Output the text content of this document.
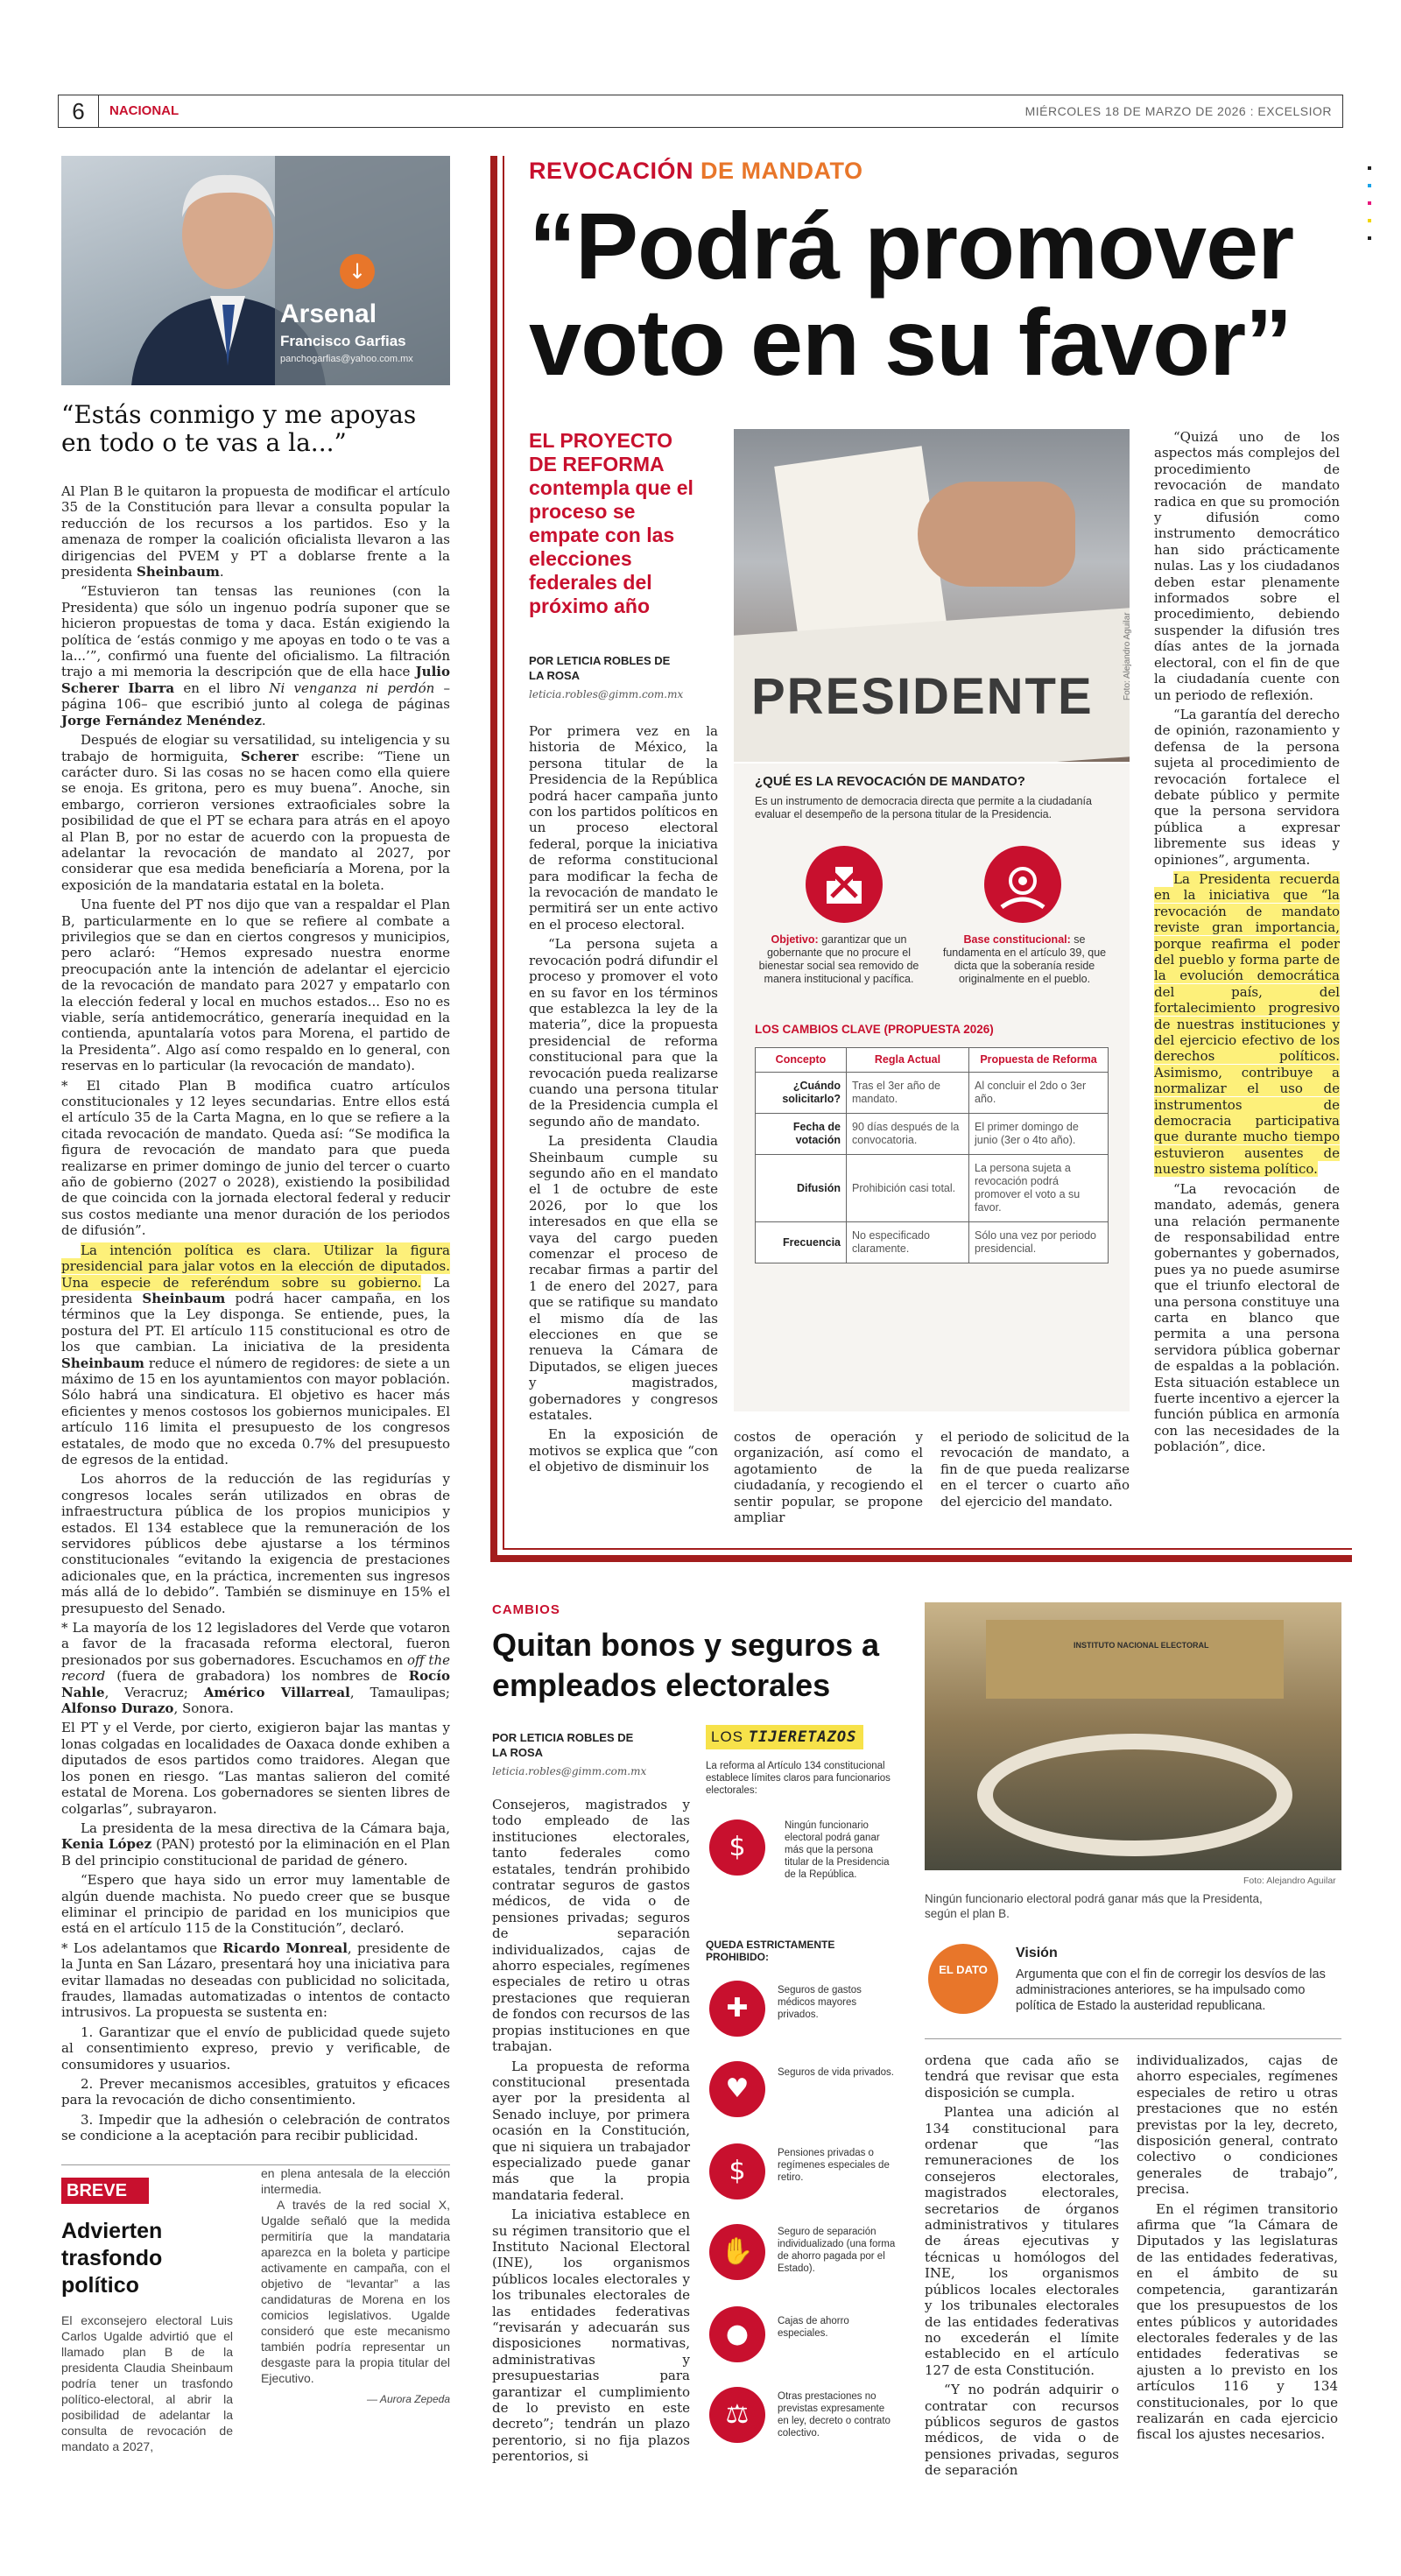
6	NACIONAL	MIÉRCOLES 18 DE MARZO DE 2026 : EXCELSIOR
↓
Arsenal
Francisco Garfias
panchogarfias@yahoo.com.mx
“Estás conmigo y me apoyas en todo o te vas a la...”

Al Plan B le quitaron la propuesta de modificar el artículo 35 de la Constitución para llevar a consulta popular la reducción de los recursos a los partidos. Eso y la amenaza de romper la coalición oficialista llevaron a las dirigencias del PVEM y PT a doblarse frente a la presidenta Sheinbaum.

“Estuvieron tan tensas las reuniones (con la Presidenta) que sólo un ingenuo podría suponer que se hicieron propuestas de toma y daca. Están exigiendo la política de ‘estás conmigo y me apoyas en todo o te vas a la...’”, confirmó una fuente del oficialismo. La filtración trajo a mi memoria la descripción que de ella hace Julio Scherer Ibarra en el libro Ni venganza ni perdón –página 106– que escribió junto al colega de páginas Jorge Fernández Menéndez.

Después de elogiar su versatilidad, su inteligencia y su trabajo de hormiguita, Scherer escribe: “Tiene un carácter duro. Si las cosas no se hacen como ella quiere se enoja. Es gritona, pero es muy buena”. Anoche, sin embargo, corrieron versiones extraoficiales sobre la posibilidad de que el PT se echara para atrás en el apoyo al Plan B, por no estar de acuerdo con la propuesta de adelantar la revocación de mandato al 2027, por considerar que esa medida beneficiaría a Morena, por la exposición de la mandataria estatal en la boleta.

Una fuente del PT nos dijo que van a respaldar el Plan B, particularmente en lo que se refiere al combate a privilegios que se dan en ciertos congresos y municipios, pero aclaró: “Hemos expresado nuestra enorme preocupación ante la intención de adelantar el ejercicio de la revocación de mandato para 2027 y empatarlo con la elección federal y local en muchos estados... Eso no es viable, sería antidemocrático, generaría inequidad en la contienda, apuntalaría votos para Morena, el partido de la Presidenta”. Algo así como respaldo en lo general, con reservas en lo particular (la revocación de mandato).

* El citado Plan B modifica cuatro artículos constitucionales y 12 leyes secundarias. Entre ellos está el artículo 35 de la Carta Magna, en lo que se refiere a la citada revocación de mandato. Queda así: “Se modifica la figura de revocación de mandato para que pueda realizarse en primer domingo de junio del tercer o cuarto año de gobierno (2027 o 2028), existiendo la posibilidad de que coincida con la jornada electoral federal y reducir sus costos mediante una menor duración de los periodos de difusión”.

La intención política es clara. Utilizar la figura presidencial para jalar votos en la elección de diputados. Una especie de referéndum sobre su gobierno. La presidenta Sheinbaum podrá hacer campaña, en los términos que la Ley disponga. Se entiende, pues, la postura del PT. El artículo 115 constitucional es otro de los que cambian. La iniciativa de la presidenta Sheinbaum reduce el número de regidores: de siete a un máximo de 15 en los ayuntamientos con mayor población. Sólo habrá una sindicatura. El objetivo es hacer más eficientes y menos costosos los gobiernos municipales. El artículo 116 limita el presupuesto de los congresos estatales, de modo que no exceda 0.7% del presupuesto de egresos de la entidad.

Los ahorros de la reducción de las regidurías y congresos locales serán utilizados en obras de infraestructura pública de los propios municipios y estados. El 134 establece que la remuneración de los servidores públicos debe ajustarse a los términos constitucionales “evitando la exigencia de prestaciones adicionales que, en la práctica, incrementen sus ingresos más allá de lo debido”. También se disminuye en 15% el presupuesto del Senado.

* La mayoría de los 12 legisladores del Verde que votaron a favor de la fracasada reforma electoral, fueron presionados por sus gobernadores. Escuchamos en off the record (fuera de grabadora) los nombres de Rocío Nahle, Veracruz; Américo Villarreal, Tamaulipas; Alfonso Durazo, Sonora.

El PT y el Verde, por cierto, exigieron bajar las mantas y lonas colgadas en localidades de Oaxaca donde exhiben a diputados de esos partidos como traidores. Alegan que los ponen en riesgo. “Las mantas salieron del comité estatal de Morena. Los gobernadores se sienten libres de colgarlas”, subrayaron.

La presidenta de la mesa directiva de la Cámara baja, Kenia López (PAN) protestó por la eliminación en el Plan B del principio constitucional de paridad de género.

“Espero que haya sido un error muy lamentable de algún duende machista. No puedo creer que se busque eliminar el principio de paridad en los municipios que está en el artículo 115 de la Constitución”, declaró.

* Los adelantamos que Ricardo Monreal, presidente de la Junta en San Lázaro, presentará hoy una iniciativa para evitar llamadas no deseadas con publicidad no solicitada, fraudes, llamadas automatizadas o intentos de contacto intrusivos. La propuesta se sustenta en:

1. Garantizar que el envío de publicidad quede sujeto al consentimiento expreso, previo y verificable, de consumidores y usuarios.

2. Prever mecanismos accesibles, gratuitos y eficaces para la revocación de dicho consentimiento.

3. Impedir que la adhesión o celebración de contratos se condicione a la aceptación para recibir publicidad.

BREVE
Advierten trasfondo político
El exconsejero electoral Luis Carlos Ugalde advirtió que el llamado plan B de la presidenta Claudia Sheinbaum podría tener un trasfondo político-electoral, al abrir la posibilidad de adelantar la consulta de revocación de mandato a 2027,
en plena antesala de la elección intermedia.
A través de la red social X, Ugalde señaló que la medida permitiría que la mandataria aparezca en la boleta y participe activamente en campaña, con el objetivo de “levantar” a las candidaturas de Morena en los comicios legislativos. Ugalde consideró que este mecanismo también podría representar un desgaste para la propia titular del Ejecutivo.
— Aurora Zepeda
REVOCACIÓN DE MANDATO
“Podrá promover voto en su favor”
EL PROYECTO DE REFORMA
contempla que el proceso se empate con las elecciones federales del próximo año
POR LETICIA ROBLES DE LA ROSA
leticia.robles@gimm.com.mx PRESIDENTE	Foto: Alejandro Aguilar
¿QUÉ ES LA REVOCACIÓN DE MANDATO?
Es un instrumento de democracia directa que permite a la ciudadanía evaluar el desempeño de la persona titular de la Presidencia.
Objetivo: garantizar que un gobernante que no procure el bienestar social sea removido de manera institucional y pacífica.
Base constitucional: se fundamenta en el artículo 39, que dicta que la soberanía reside originalmente en el pueblo.
LOS CAMBIOS CLAVE (PROPUESTA 2026)
Concepto	Regla Actual	Propuesta de Reforma
¿Cuándo solicitarlo?	Tras el 3er año de mandato.	Al concluir el 2do o 3er año.
Fecha de votación	90 días después de la convocatoria.	El primer domingo de junio (3er o 4to año).
Difusión	Prohibición casi total.	La persona sujeta a revocación podrá promover el voto a su favor.
Frecuencia	No especificado claramente.	Sólo una vez por periodo presidencial.

Por primera vez en la historia de México, la persona titular de la Presidencia de la República podrá hacer campaña junto con los partidos políticos en un proceso electoral federal, porque la iniciativa de reforma constitucional para modificar la fecha de la revocación de mandato le permitirá ser un ente activo en el proceso electoral.

“La persona sujeta a revocación podrá difundir el proceso y promover el voto en su favor en los términos que establezca la ley de la materia”, dice la propuesta presidencial de reforma constitucional para que la revocación pueda realizarse cuando una persona titular de la Presidencia cumpla el segundo año de mandato.

La presidenta Claudia Sheinbaum cumple su segundo año en el mandato el 1 de octubre de este 2026, por lo que los interesados en que ella se vaya del cargo pueden comenzar el proceso de recabar firmas a partir del 1 de enero del 2027, para que se ratifique su mandato el mismo día de las elecciones en que se renueva la Cámara de Diputados, se eligen jueces y magistrados, gobernadores y congresos estatales.

En la exposición de motivos se explica que “con el objetivo de disminuir los

costos de operación y organización, así como el agotamiento de la ciudadanía, y recogiendo el sentir popular, se propone ampliar

el periodo de solicitud de la revocación de mandato, a fin de que pueda realizarse en el tercer o cuarto año del ejercicio del mandato.

“Quizá uno de los aspectos más complejos del procedimiento de revocación de mandato radica en que su promoción y difusión como instrumento democrático han sido prácticamente nulas. Las y los ciudadanos deben estar plenamente informados sobre el procedimiento, debiendo suspender la difusión tres días antes de la jornada electoral, con el fin de que la ciudadanía cuente con un periodo de reflexión.

“La garantía del derecho de opinión, razonamiento y defensa de la persona sujeta al procedimiento de revocación fortalece el debate público y permite que la persona servidora pública a expresar libremente sus ideas y opiniones”, argumenta.

La Presidenta recuerda en la iniciativa que “la revocación de mandato reviste gran importancia, porque reafirma el poder del pueblo y forma parte de la evolución democrática del país, del fortalecimiento progresivo de nuestras instituciones y del ejercicio efectivo de los derechos políticos. Asimismo, contribuye a normalizar el uso de instrumentos de democracia participativa que durante mucho tiempo estuvieron ausentes de nuestro sistema político.

“La revocación de mandato, además, genera una relación permanente de responsabilidad entre gobernantes y gobernados, pues ya no puede asumirse que el triunfo electoral de una persona constituye una carta en blanco que permita a una persona servidora pública gobernar de espaldas a la población. Esta situación establece un fuerte incentivo a ejercer la función pública en armonía con las necesidades de la población”, dice.

CAMBIOS
Quitan bonos y seguros a empleados electorales
POR LETICIA ROBLES DE LA ROSA
leticia.robles@gimm.com.mx

Consejeros, magistrados y todo empleado de las instituciones electorales, tanto federales como estatales, tendrán prohibido contratar seguros de gastos médicos, de vida o de pensiones privadas; seguros de separación individualizados, cajas de ahorro especiales, regímenes especiales de retiro u otras prestaciones que requieran de fondos con recursos de las propias instituciones en que trabajan.

La propuesta de reforma constitucional presentada ayer por la presidenta al Senado incluye, por primera ocasión en la Constitución, que ni siquiera un trabajador especializado puede ganar más que la propia mandataria federal.

La iniciativa establece en su régimen transitorio que el Instituto Nacional Electoral (INE), los organismos públicos locales electorales y los tribunales electorales de las entidades federativas “revisarán y adecuarán sus disposiciones normativas, administrativas y presupuestarias para garantizar el cumplimiento de lo previsto en este decreto”; tendrán un plazo perentorio, si no fija plazos perentorios, si

LOS TIJERETAZOS
La reforma al Artículo 134 constitucional establece límites claros para funcionarios electorales:
$
Ningún funcionario electoral podrá ganar más que la persona titular de la Presidencia de la República.
QUEDA ESTRICTAMENTE PROHIBIDO:
✚
Seguros de gastos médicos mayores privados.
♥
Seguros de vida privados.
$
Pensiones privadas o regímenes especiales de retiro.
✋
Seguro de separación individualizado (una forma de ahorro pagada por el Estado).
●	Cajas de ahorro especiales.
⚖
Otras prestaciones no previstas expresamente en ley, decreto o contrato colectivo.
INSTITUTO NACIONAL ELECTORAL
Foto: Alejandro Aguilar
Ningún funcionario electoral podrá ganar más que la Presidenta, según el plan B.
EL DATO
Visión
Argumenta que con el fin de corregir los desvíos de las administraciones anteriores, se ha impulsado como política de Estado la austeridad republicana.

ordena que cada año se tendrá que revisar que esta disposición se cumpla.

Plantea una adición al 134 constitucional para ordenar que “las remuneraciones de los consejeros electorales, magistrados electorales, secretarios de órganos administrativos y titulares de áreas ejecutivas y técnicas u homólogos del INE, los organismos públicos locales electorales y los tribunales electorales de las entidades federativas no excederán el límite establecido en el artículo 127 de esta Constitución.

“Y no podrán adquirir o contratar con recursos públicos seguros de gastos médicos, de vida o de pensiones privadas, seguros de separación

individualizados, cajas de ahorro especiales, regímenes especiales de retiro u otras prestaciones que no estén previstas por la ley, decreto, disposición general, contrato colectivo o condiciones generales de trabajo”, precisa.

En el régimen transitorio afirma que “la Cámara de Diputados y las legislaturas de las entidades federativas, en el ámbito de su competencia, garantizarán que los presupuestos de los entes públicos y autoridades electorales federales y de las entidades federativas se ajusten a lo previsto en los artículos 116 y 134 constitucionales, por lo que realizarán en cada ejercicio fiscal los ajustes necesarios.
